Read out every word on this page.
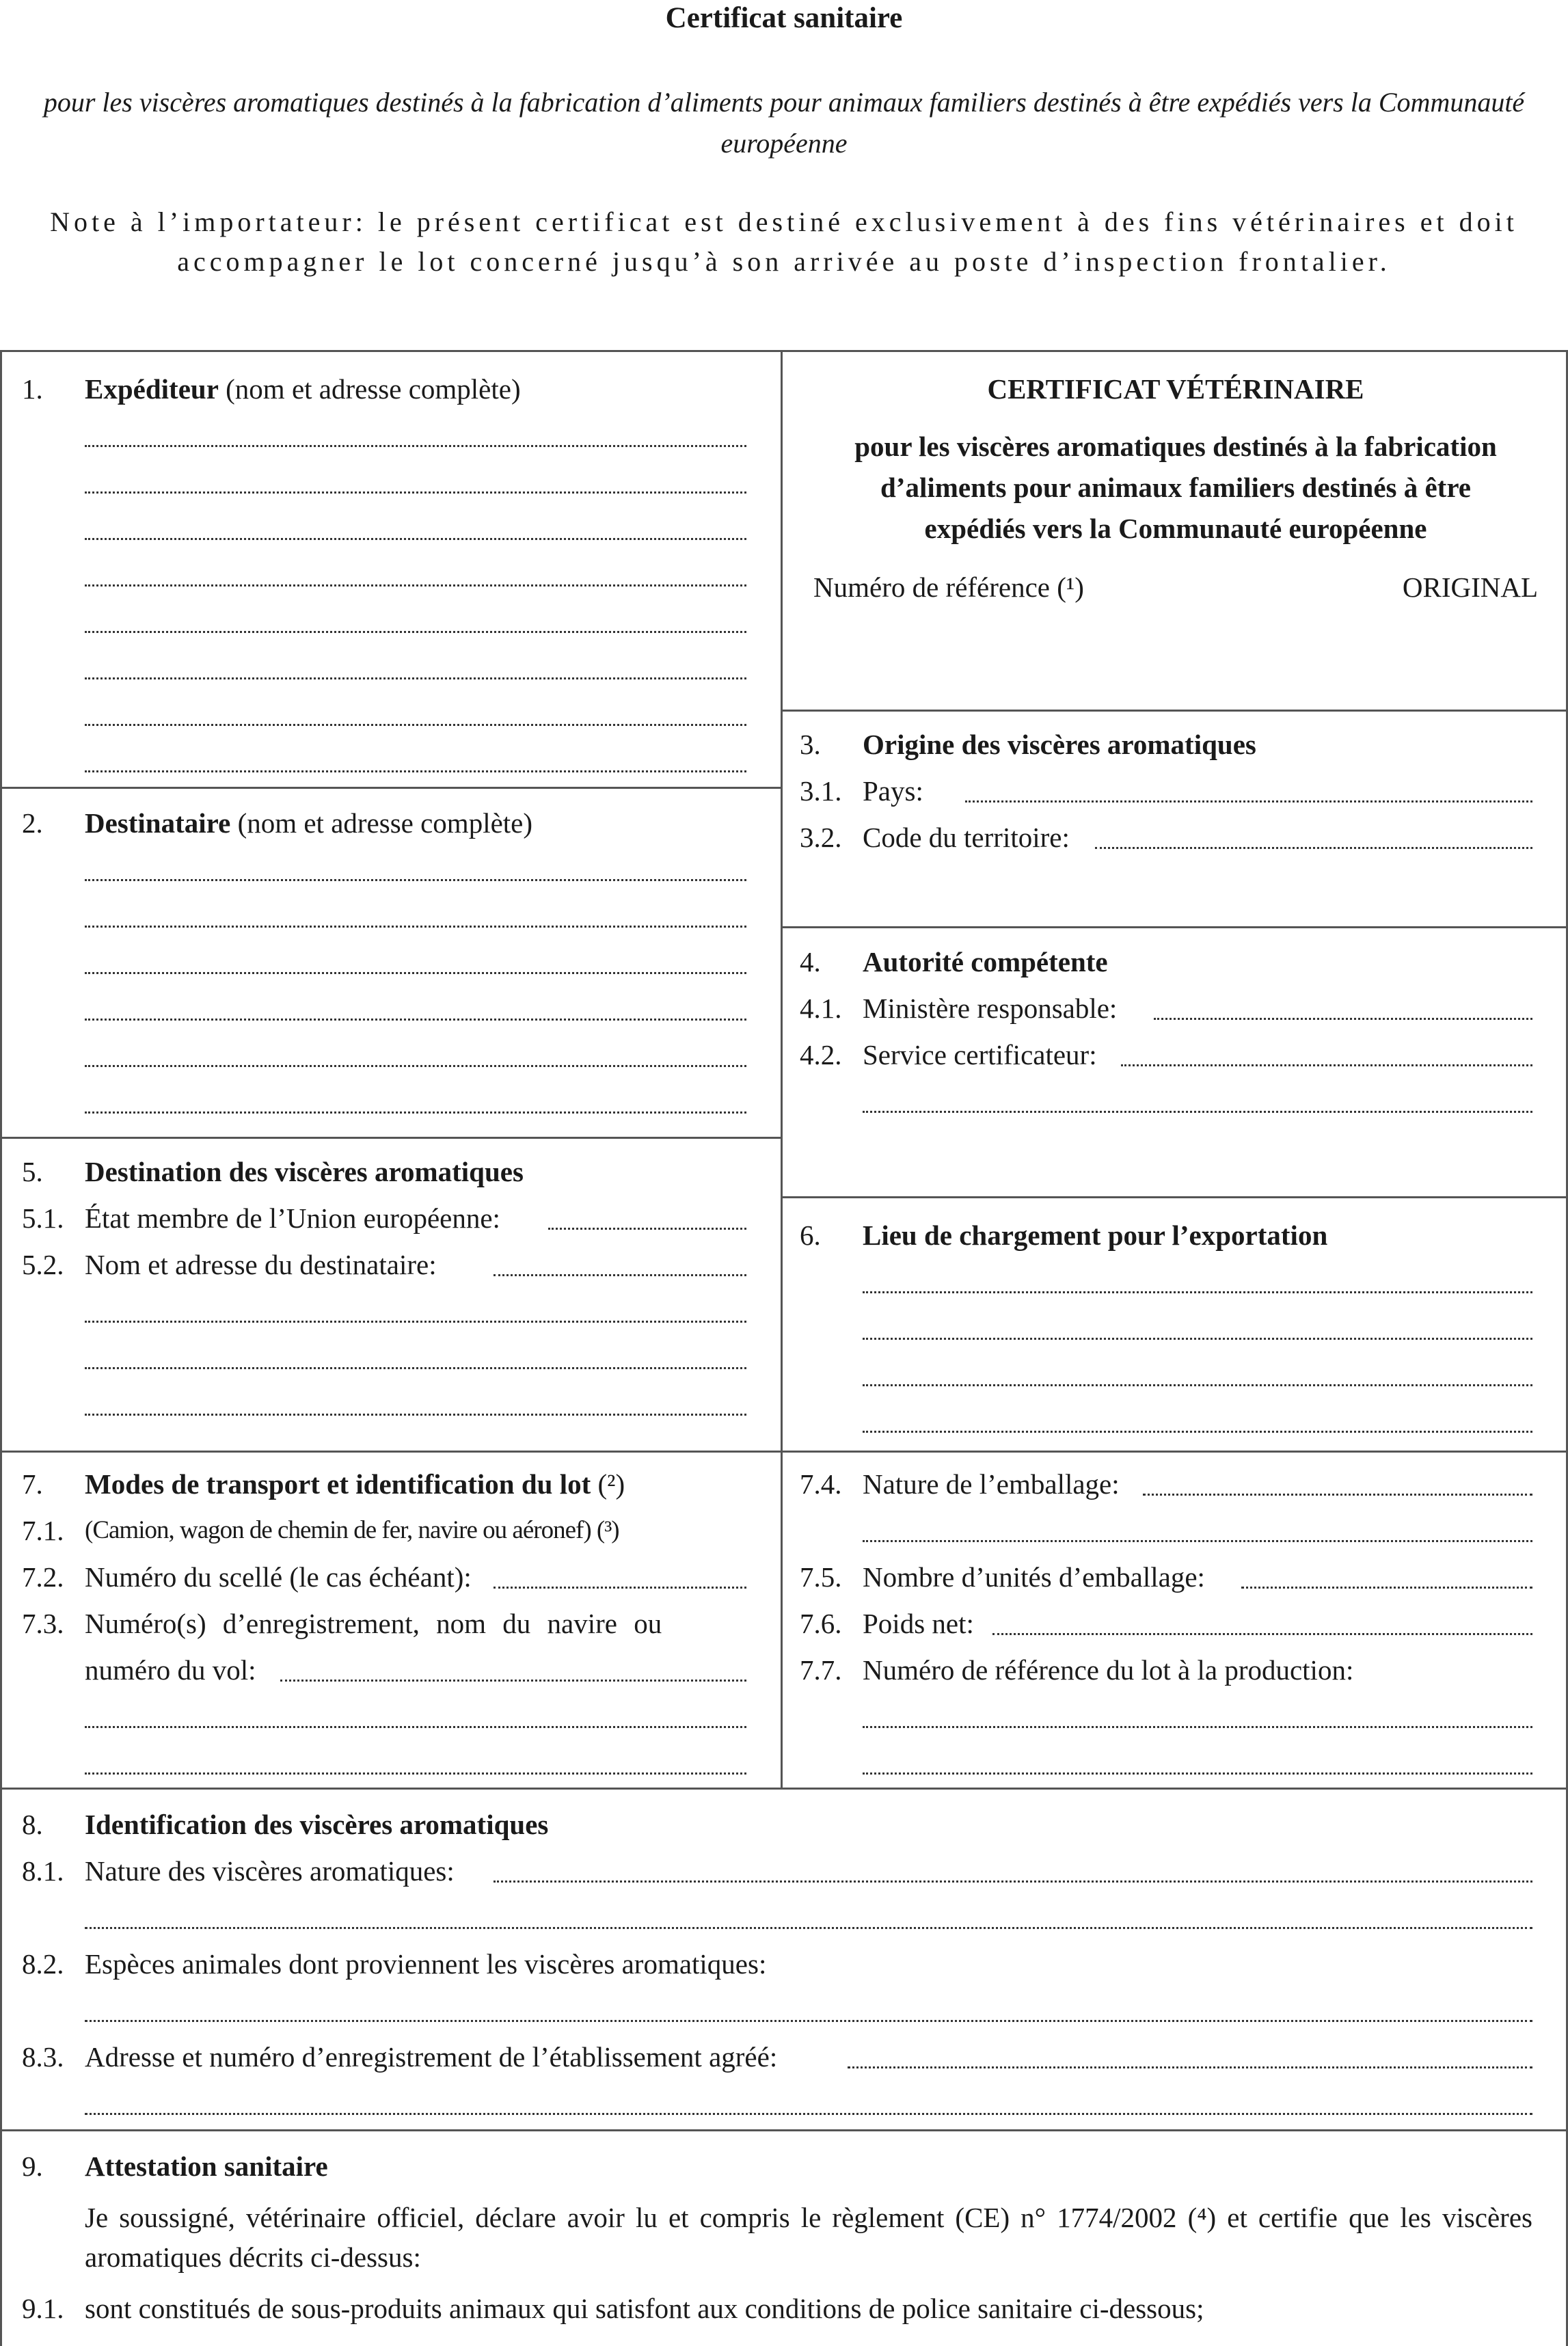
Certificat sanitaire
pour les viscères aromatiques destinés à la fabrication d’aliments pour animaux familiers destinés à être expédiés vers la Communauté européenne
Note à l’importateur: le présent certificat est destiné exclusivement à des fins vétérinaires et doit accompagner le lot concerné jusqu’à son arrivée au poste d’inspection frontalier.
1. Expéditeur (nom et adresse complète)	CERTIFICAT VÉTÉRINAIRE
pour les viscères aromatiques destinés à la fabrication d’aliments pour animaux familiers destinés à être expédiés vers la Communauté européenne
Numéro de référence (¹)	ORIGINAL
2. Destinataire (nom et adresse complète)
3. Origine des viscères aromatiques
3.1. Pays:
3.2. Code du territoire:
4. Autorité compétente
4.1. Ministère responsable:
4.2. Service certificateur:
5. Destination des viscères aromatiques
5.1. État membre de l’Union européenne:
5.2. Nom et adresse du destinataire:
6. Lieu de chargement pour l’exportation
7. Modes de transport et identification du lot (²)
7.1. (Camion, wagon de chemin de fer, navire ou aéronef) (³)
7.2. Numéro du scellé (le cas échéant):
7.3. Numéro(s) d’enregistrement, nom du navire ou
numéro du vol:
7.4. Nature de l’emballage:
7.5. Nombre d’unités d’emballage:
7.6. Poids net:
7.7. Numéro de référence du lot à la production:
8. Identification des viscères aromatiques
8.1. Nature des viscères aromatiques:
8.2. Espèces animales dont proviennent les viscères aromatiques:
8.3. Adresse et numéro d’enregistrement de l’établissement agréé:
9. Attestation sanitaire
Je soussigné, vétérinaire officiel, déclare avoir lu et compris le règlement (CE) n° 1774/2002 (⁴) et certifie que les viscères aromatiques décrits ci-dessus:
9.1. sont constitués de sous-produits animaux qui satisfont aux conditions de police sanitaire ci-dessous;
